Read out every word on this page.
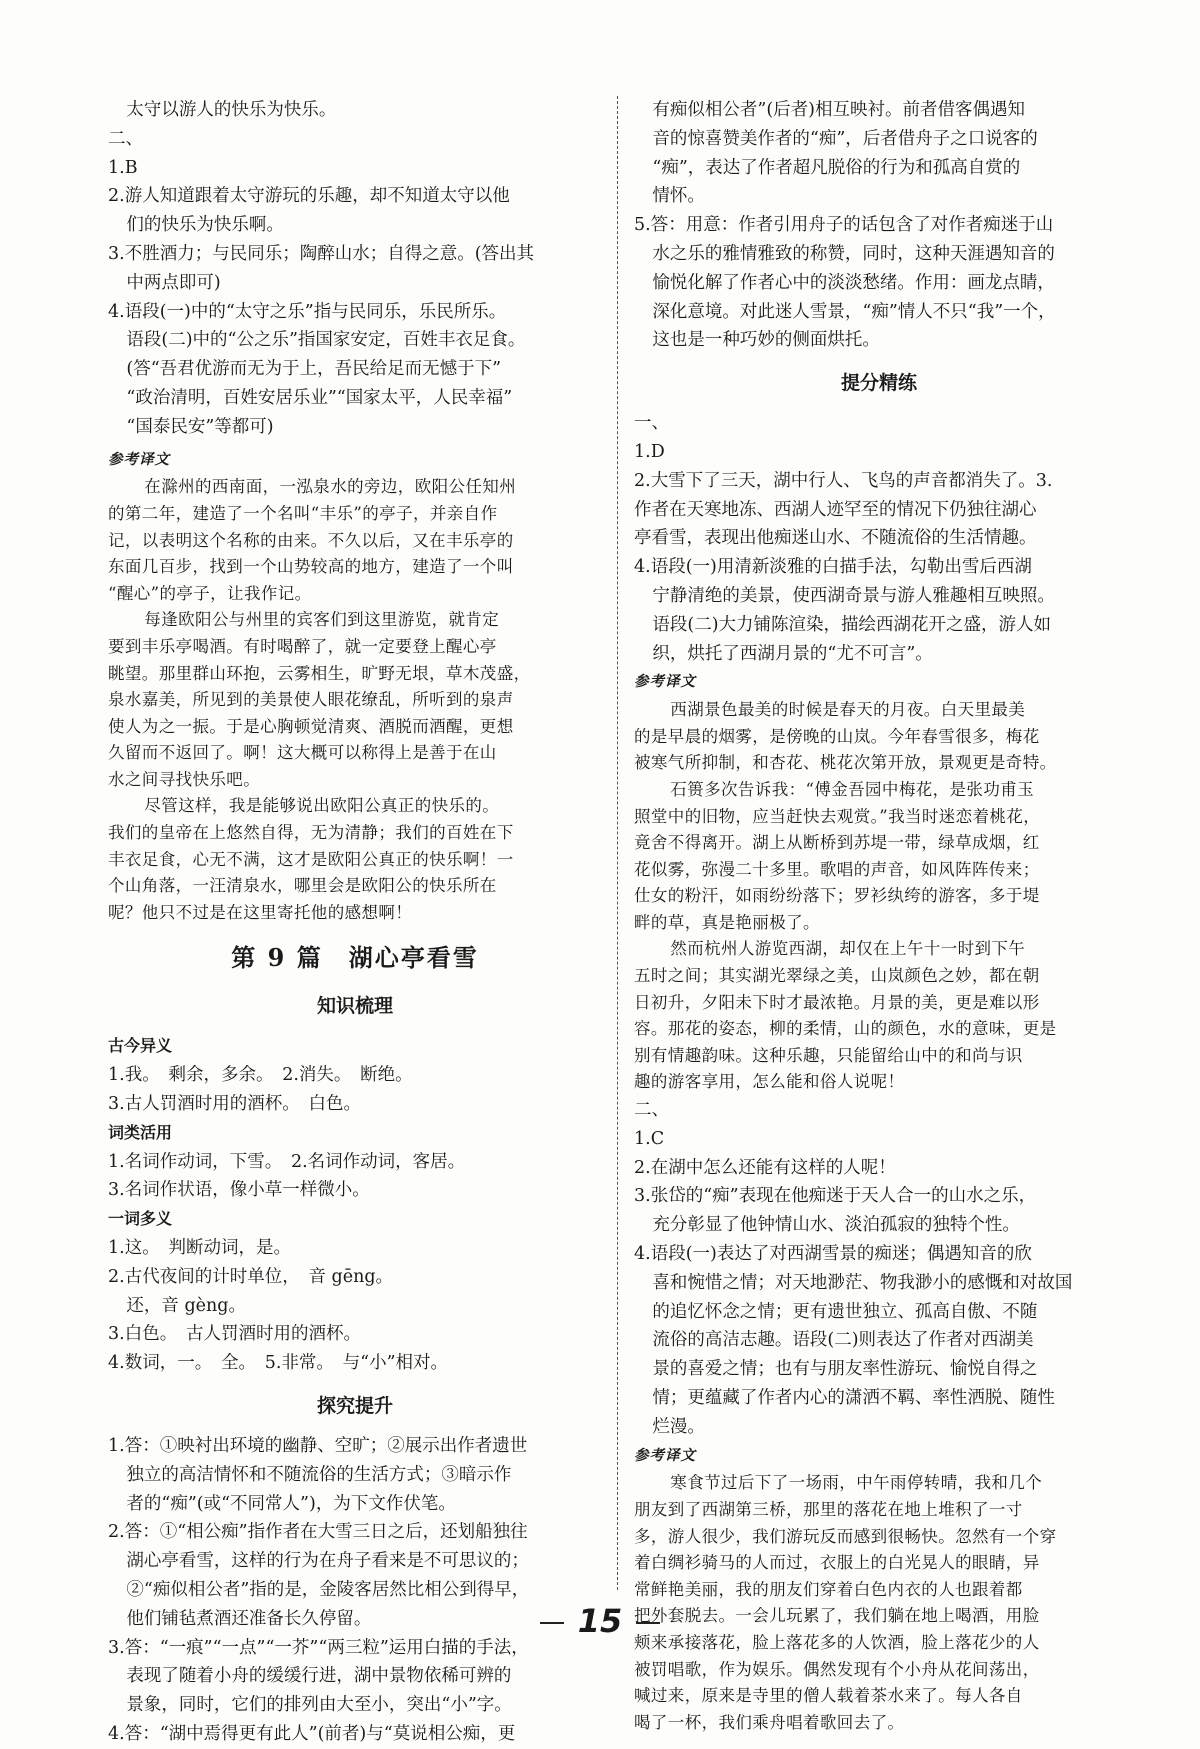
太守以游人的快乐为快乐。
二、
1.B
2.游人知道跟着太守游玩的乐趣，却不知道太守以他
们的快乐为快乐啊。
3.不胜酒力；与民同乐；陶醉山水；自得之意。(答出其
中两点即可)
4.语段(一)中的“太守之乐”指与民同乐，乐民所乐。
语段(二)中的“公之乐”指国家安定，百姓丰衣足食。
(答“吾君优游而无为于上，吾民给足而无憾于下”
“政治清明，百姓安居乐业”“国家太平，人民幸福”
“国泰民安”等都可)
参考译文
在滁州的西南面，一泓泉水的旁边，欧阳公任知州
的第二年，建造了一个名叫“丰乐”的亭子，并亲自作
记，以表明这个名称的由来。不久以后，又在丰乐亭的
东面几百步，找到一个山势较高的地方，建造了一个叫
“醒心”的亭子，让我作记。
每逢欧阳公与州里的宾客们到这里游览，就肯定
要到丰乐亭喝酒。有时喝醉了，就一定要登上醒心亭
眺望。那里群山环抱，云雾相生，旷野无垠，草木茂盛，
泉水嘉美，所见到的美景使人眼花缭乱，所听到的泉声
使人为之一振。于是心胸顿觉清爽、酒脱而酒醒，更想
久留而不返回了。啊！这大概可以称得上是善于在山
水之间寻找快乐吧。
尽管这样，我是能够说出欧阳公真正的快乐的。
我们的皇帝在上悠然自得，无为清静；我们的百姓在下
丰衣足食，心无不满，这才是欧阳公真正的快乐啊！一
个山角落，一汪清泉水，哪里会是欧阳公的快乐所在
呢？他只不过是在这里寄托他的感想啊！
第 9 篇　湖心亭看雪
知识梳理
古今异义
1.我。　剩余，多余。　2.消失。　断绝。
3.古人罚酒时用的酒杯。　白色。
词类活用
1.名词作动词，下雪。　2.名词作动词，客居。
3.名词作状语，像小草一样微小。
一词多义
1.这。　判断动词，是。
2.古代夜间的计时单位，　音 gēng。
还，音 gèng。
3.白色。　古人罚酒时用的酒杯。
4.数词，一。　全。　5.非常。　与“小”相对。
探究提升
1.答：①映衬出环境的幽静、空旷；②展示出作者遗世
独立的高洁情怀和不随流俗的生活方式；③暗示作
者的“痴”(或“不同常人”)，为下文作伏笔。
2.答：①“相公痴”指作者在大雪三日之后，还划船独往
湖心亭看雪，这样的行为在舟子看来是不可思议的；
②“痴似相公者”指的是，金陵客居然比相公到得早，
他们铺毡煮酒还准备长久停留。
3.答：“一痕”“一点”“一芥”“两三粒”运用白描的手法，
表现了随着小舟的缓缓行进，湖中景物依稀可辨的
景象，同时，它们的排列由大至小，突出“小”字。
4.答：“湖中焉得更有此人”(前者)与“莫说相公痴，更
有痴似相公者”(后者)相互映衬。前者借客偶遇知
音的惊喜赞美作者的“痴”，后者借舟子之口说客的
“痴”，表达了作者超凡脱俗的行为和孤高自赏的
情怀。
5.答：用意：作者引用舟子的话包含了对作者痴迷于山
水之乐的雅情雅致的称赞，同时，这种天涯遇知音的
愉悦化解了作者心中的淡淡愁绪。作用：画龙点睛，
深化意境。对此迷人雪景，“痴”情人不只“我”一个，
这也是一种巧妙的侧面烘托。
提分精练
一、
1.D
2.大雪下了三天，湖中行人、飞鸟的声音都消失了。3.
作者在天寒地冻、西湖人迹罕至的情况下仍独往湖心
亭看雪，表现出他痴迷山水、不随流俗的生活情趣。
4.语段(一)用清新淡雅的白描手法，勾勒出雪后西湖
宁静清绝的美景，使西湖奇景与游人雅趣相互映照。
语段(二)大力铺陈渲染，描绘西湖花开之盛，游人如
织，烘托了西湖月景的“尤不可言”。
参考译文
西湖景色最美的时候是春天的月夜。白天里最美
的是早晨的烟雾，是傍晚的山岚。今年春雪很多，梅花
被寒气所抑制，和杏花、桃花次第开放，景观更是奇特。
石篑多次告诉我：“傅金吾园中梅花，是张功甫玉
照堂中的旧物，应当赶快去观赏。”我当时迷恋着桃花，
竟舍不得离开。湖上从断桥到苏堤一带，绿草成烟，红
花似雾，弥漫二十多里。歌唱的声音，如风阵阵传来；
仕女的粉汗，如雨纷纷落下；罗衫纨绔的游客，多于堤
畔的草，真是艳丽极了。
然而杭州人游览西湖，却仅在上午十一时到下午
五时之间；其实湖光翠绿之美，山岚颜色之妙，都在朝
日初升，夕阳未下时才最浓艳。月景的美，更是难以形
容。那花的姿态，柳的柔情，山的颜色，水的意味，更是
别有情趣韵味。这种乐趣，只能留给山中的和尚与识
趣的游客享用，怎么能和俗人说呢！
二、
1.C
2.在湖中怎么还能有这样的人呢！
3.张岱的“痴”表现在他痴迷于天人合一的山水之乐，
充分彰显了他钟情山水、淡泊孤寂的独特个性。
4.语段(一)表达了对西湖雪景的痴迷；偶遇知音的欣
喜和惋惜之情；对天地渺茫、物我渺小的感慨和对故国
的追忆怀念之情；更有遗世独立、孤高自傲、不随
流俗的高洁志趣。语段(二)则表达了作者对西湖美
景的喜爱之情；也有与朋友率性游玩、愉悦自得之
情；更蕴藏了作者内心的潇洒不羁、率性洒脱、随性
烂漫。
参考译文
寒食节过后下了一场雨，中午雨停转晴，我和几个
朋友到了西湖第三桥，那里的落花在地上堆积了一寸
多，游人很少，我们游玩反而感到很畅快。忽然有一个穿
着白绸衫骑马的人而过，衣服上的白光晃人的眼睛，异
常鲜艳美丽，我的朋友们穿着白色内衣的人也跟着都
把外套脱去。一会儿玩累了，我们躺在地上喝酒，用脸
颊来承接落花，脸上落花多的人饮酒，脸上落花少的人
被罚唱歌，作为娱乐。偶然发现有个小舟从花间荡出，
喊过来，原来是寺里的僧人载着茶水来了。每人各自
喝了一杯，我们乘舟唱着歌回去了。
15
